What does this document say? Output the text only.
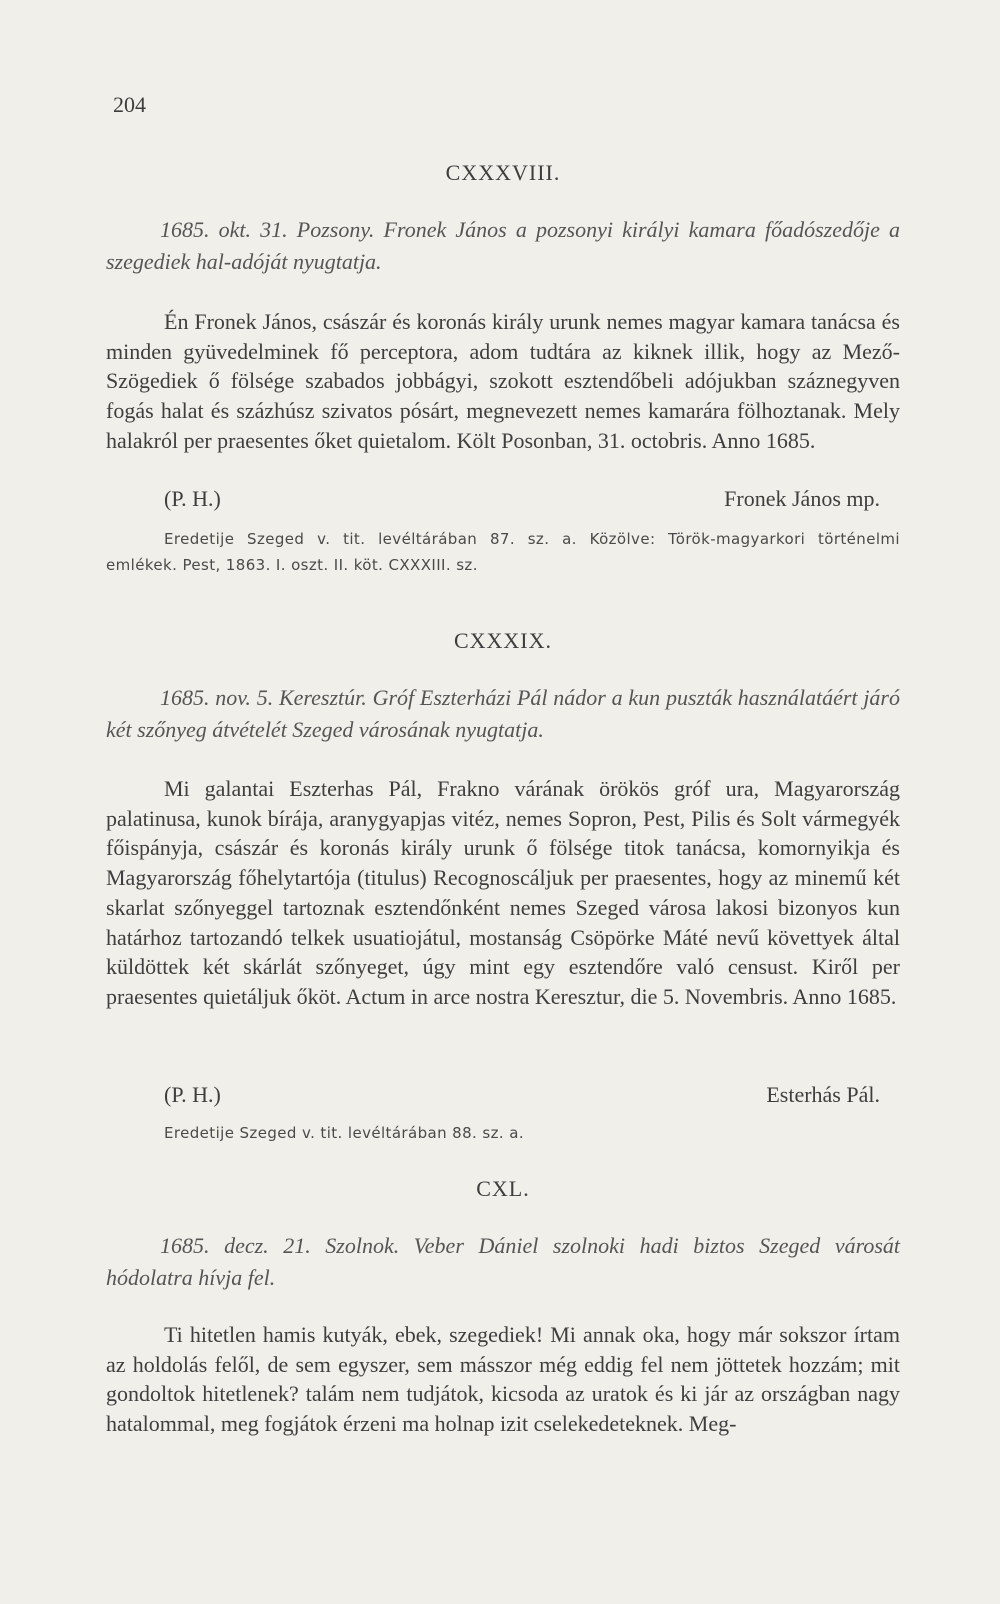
204

CXXXVIII.

1685. okt. 31. Pozsony. Fronek János a pozsonyi királyi kamara főadószedője a szegediek hal-adóját nyugtatja.

Én Fronek János, császár és koronás király urunk nemes magyar kamara tanácsa és minden gyüvedelminek fő perceptora, adom tudtára az kiknek illik, hogy az Mező-Szögediek ő fölsége szabados jobbágyi, szokott esztendőbeli adójukban száznegyven fogás halat és százhúsz szivatos pósárt, megnevezett nemes kamarára fölhoztanak. Mely halakról per praesentes őket quietalom. Költ Posonban, 31. octobris. Anno 1685.

(P. H.)	Fronek János mp.

Eredetije Szeged v. tit. levéltárában 87. sz. a. Közölve: Török-magyarkori történelmi emlékek. Pest, 1863. I. oszt. II. köt. CXXXIII. sz.

CXXXIX.

1685. nov. 5. Keresztúr. Gróf Eszterházi Pál nádor a kun puszták használatáért járó két szőnyeg átvételét Szeged városának nyugtatja.

Mi galantai Eszterhas Pál, Frakno várának örökös gróf ura, Magyarország palatinusa, kunok bírája, aranygyapjas vitéz, nemes Sopron, Pest, Pilis és Solt vármegyék főispányja, császár és koronás király urunk ő fölsége titok tanácsa, komornyikja és Magyarország főhelytartója (titulus) Recognoscáljuk per praesentes, hogy az minemű két skarlat szőnyeggel tartoznak esztendőnként nemes Szeged városa lakosi bizonyos kun határhoz tartozandó telkek usuatiojátul, mostanság Csöpörke Máté nevű követtyek által küldöttek két skárlát szőnyeget, úgy mint egy esztendőre való censust. Kiről per praesentes quietáljuk őköt. Actum in arce nostra Keresztur, die 5. Novembris. Anno 1685.

(P. H.)	Esterhás Pál.

Eredetije Szeged v. tit. levéltárában 88. sz. a.

CXL.

1685. decz. 21. Szolnok. Veber Dániel szolnoki hadi biztos Szeged városát hódolatra hívja fel.

Ti hitetlen hamis kutyák, ebek, szegediek! Mi annak oka, hogy már sokszor írtam az holdolás felől, de sem egyszer, sem másszor még eddig fel nem jöttetek hozzám; mit gondoltok hitetlenek? talám nem tudjátok, kicsoda az uratok és ki jár az országban nagy hatalommal, meg fogjátok érzeni ma holnap izit cselekedeteknek. Meg-
